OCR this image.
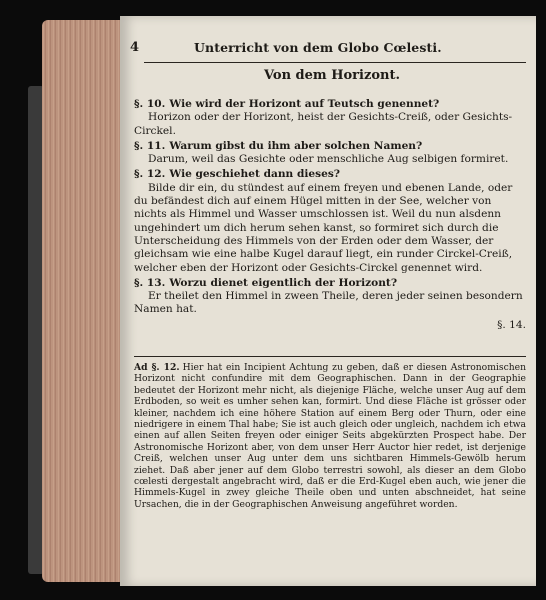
4	Unterricht von dem Globo Cœlesti.
Von dem Horizont.
§. 10. Wie wird der Horizont auf Teutsch genennet?
Horizon oder der Horizont, heist der Gesichts-Creiß, oder Gesichts-Circkel.
§. 11. Warum gibst du ihm aber solchen Namen?
Darum, weil das Gesichte oder menschliche Aug selbigen formiret.
§. 12. Wie geschiehet dann dieses?
Bilde dir ein, du stündest auf einem freyen und ebenen Lande, oder du befändest dich auf einem Hügel mitten in der See, welcher von nichts als Himmel und Wasser umschlossen ist. Weil du nun alsdenn ungehindert um dich herum sehen kanst, so formiret sich durch die Unterscheidung des Himmels von der Erden oder dem Wasser, der gleichsam wie eine halbe Kugel darauf liegt, ein runder Circkel-Creiß, welcher eben der Horizont oder Gesichts-Circkel genennet wird.
§. 13. Worzu dienet eigentlich der Horizont?
Er theilet den Himmel in zween Theile, deren jeder seinen besondern Namen hat.
§. 14.
Ad §. 12. Hier hat ein Incipient Achtung zu geben, daß er diesen Astronomischen Horizont nicht confundire mit dem Geographischen. Dann in der Geographie bedeutet der Horizont mehr nicht, als diejenige Fläche, welche unser Aug auf dem Erdboden, so weit es umher sehen kan, formirt. Und diese Fläche ist grösser oder kleiner, nachdem ich eine höhere Station auf einem Berg oder Thurn, oder eine niedrigere in einem Thal habe; Sie ist auch gleich oder ungleich, nachdem ich etwa einen auf allen Seiten freyen oder einiger Seits abgekürzten Prospect habe. Der Astronomische Horizont aber, von dem unser Herr Auctor hier redet, ist derjenige Creiß, welchen unser Aug unter dem uns sichtbaren Himmels-Gewölb herum ziehet. Daß aber jener auf dem Globo terrestri sowohl, als dieser an dem Globo cœlesti dergestalt angebracht wird, daß er die Erd-Kugel eben auch, wie jener die Himmels-Kugel in zwey gleiche Theile oben und unten abschneidet, hat seine Ursachen, die in der Geographischen Anweisung angeführet worden.
